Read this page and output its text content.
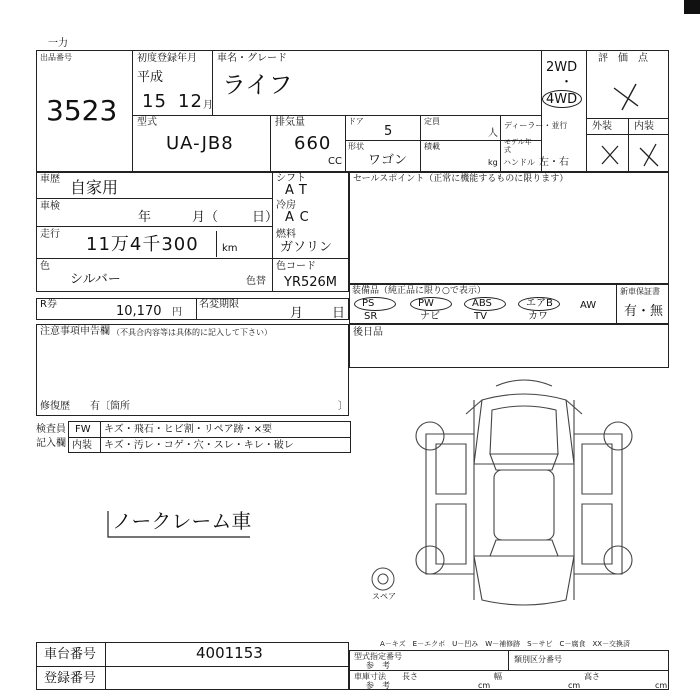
一力
出品番号
3523
初度登録年月
平成
15 12 月
車名・グレード
ライフ
2WD
・
4WD
評　価　点
外装 内装
型式
UA-JB8
排気量
660
CC
ドア
5
定員
人
形状
ワゴン
積載
kg
ディーラー・並行
モデル年式
ハンドル 左・右
車歴 自家用
車検
年	月（	日）
走行 11万4千300 km
シフト
AT
冷房
AC
燃料
ガソリン
色
シルバー	色替
色コード
YR526M
R券	10,170 円
名変期限
月 日
注意事項申告欄 （不具合内容等は具体的に記入して下さい）
修復歴 有〔箇所	〕
検査員
記入欄
FW キズ・飛石・ヒビ割・リペア跡・×要
内装 キズ・汚レ・コゲ・穴・スレ・キレ・破レ
ノークレーム車
セールスポイント（正常に機能するものに限ります）
装備品（純正品に限り○で表示）
PS
SR
PW
ナビ
ABS
TV
エアB
カワ
AW
新車保証書
有・無
後日品
スペア
A－キズ　E－エクボ　U－凹み　W－補修跡　S－サビ　C－腐食　XX－交換済
車台番号	4001153
登録番号
型式指定番号
参　考
類別区分番号
車庫寸法
参　考
長さ
cm
幅
cm
高さ
cm
